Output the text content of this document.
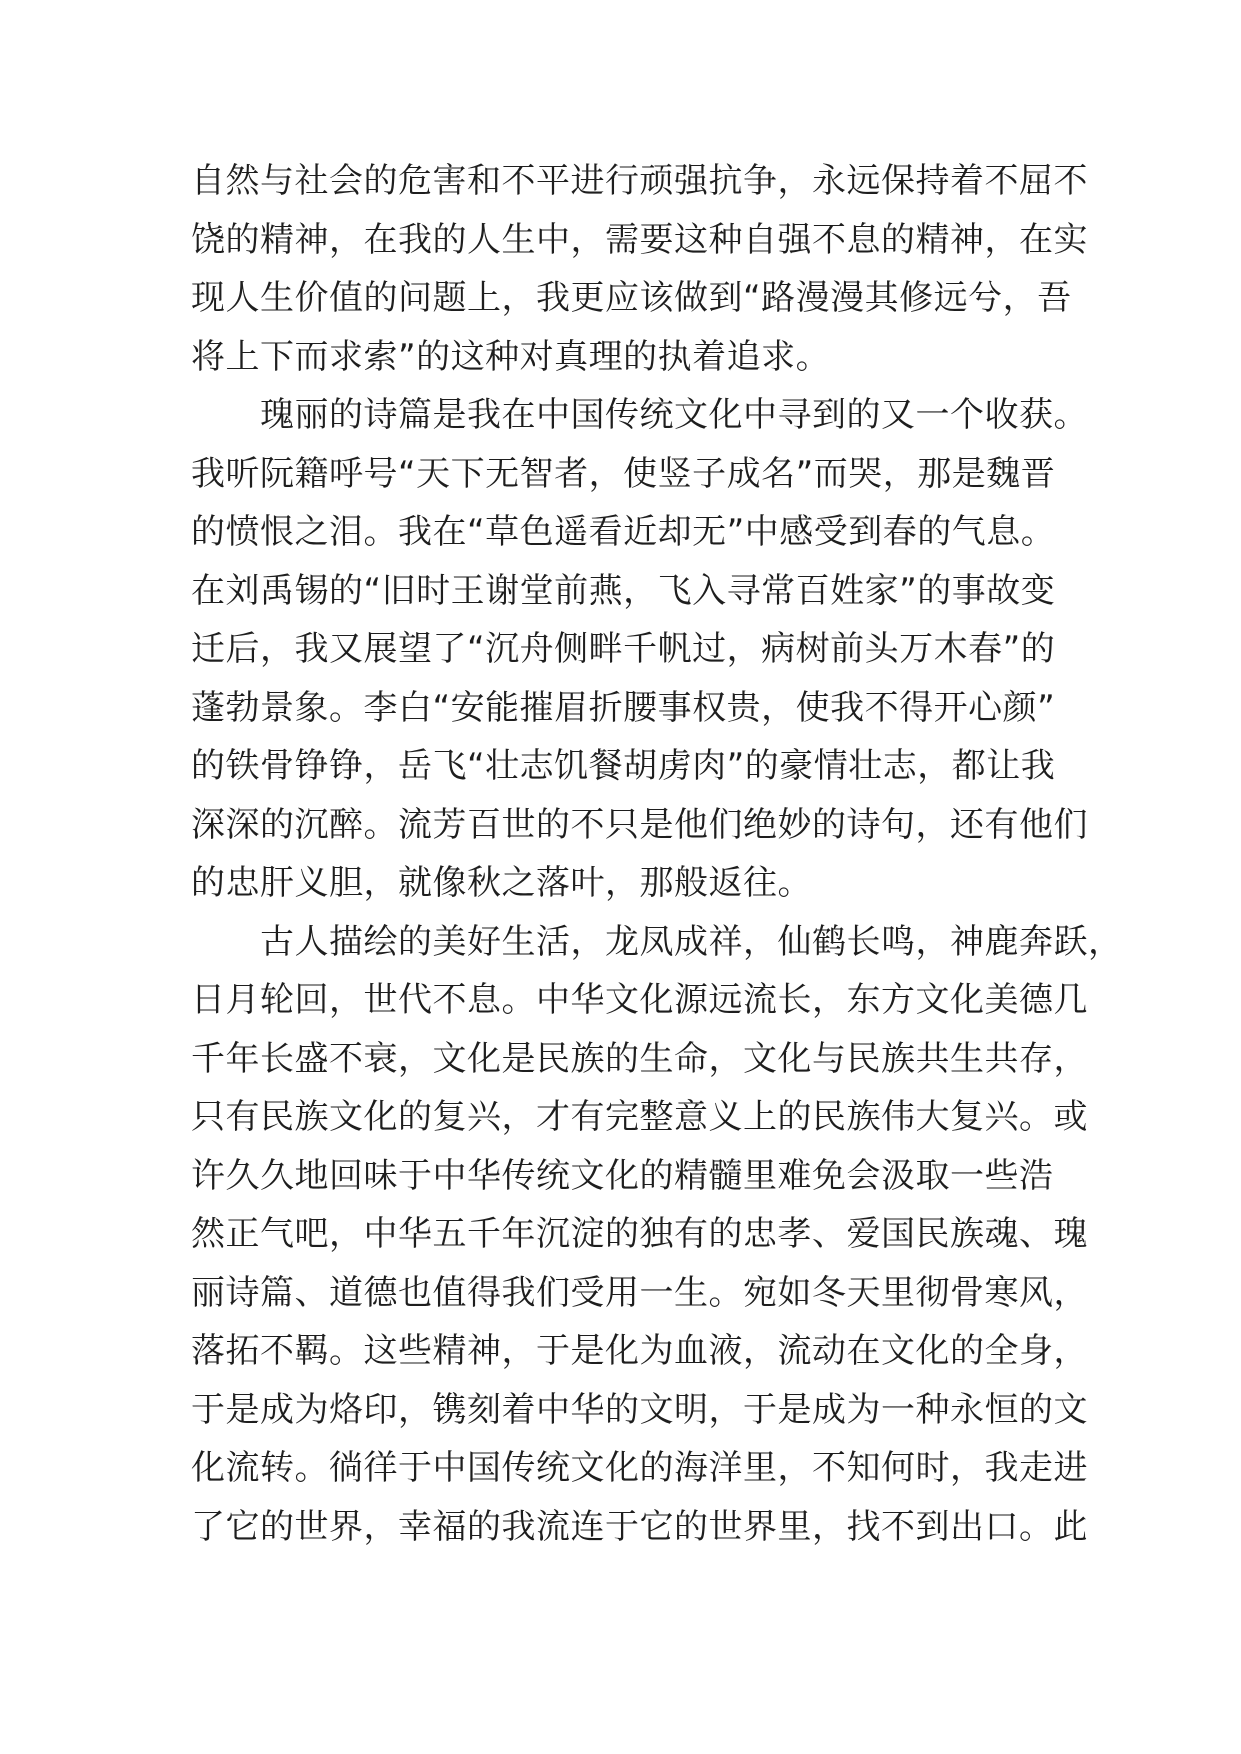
自然与社会的危害和不平进行顽强抗争，永远保持着不屈不
饶的精神，在我的人生中，需要这种自强不息的精神，在实
现人生价值的问题上，我更应该做到“路漫漫其修远兮，吾
将上下而求索”的这种对真理的执着追求。
　　瑰丽的诗篇是我在中国传统文化中寻到的又一个收获。
我听阮籍呼号“天下无智者，使竖子成名”而哭，那是魏晋
的愤恨之泪。我在“草色遥看近却无”中感受到春的气息。
在刘禹锡的“旧时王谢堂前燕，飞入寻常百姓家”的事故变
迁后，我又展望了“沉舟侧畔千帆过，病树前头万木春”的
蓬勃景象。李白“安能摧眉折腰事权贵，使我不得开心颜”
的铁骨铮铮，岳飞“壮志饥餐胡虏肉”的豪情壮志，都让我
深深的沉醉。流芳百世的不只是他们绝妙的诗句，还有他们
的忠肝义胆，就像秋之落叶，那般返往。
　　古人描绘的美好生活，龙凤成祥，仙鹤长鸣，神鹿奔跃，
日月轮回，世代不息。中华文化源远流长，东方文化美德几
千年长盛不衰，文化是民族的生命，文化与民族共生共存，
只有民族文化的复兴，才有完整意义上的民族伟大复兴。或
许久久地回味于中华传统文化的精髓里难免会汲取一些浩
然正气吧，中华五千年沉淀的独有的忠孝、爱国民族魂、瑰
丽诗篇、道德也值得我们受用一生。宛如冬天里彻骨寒风，
落拓不羁。这些精神，于是化为血液，流动在文化的全身，
于是成为烙印，镌刻着中华的文明，于是成为一种永恒的文
化流转。徜徉于中国传统文化的海洋里，不知何时，我走进
了它的世界，幸福的我流连于它的世界里，找不到出口。此
